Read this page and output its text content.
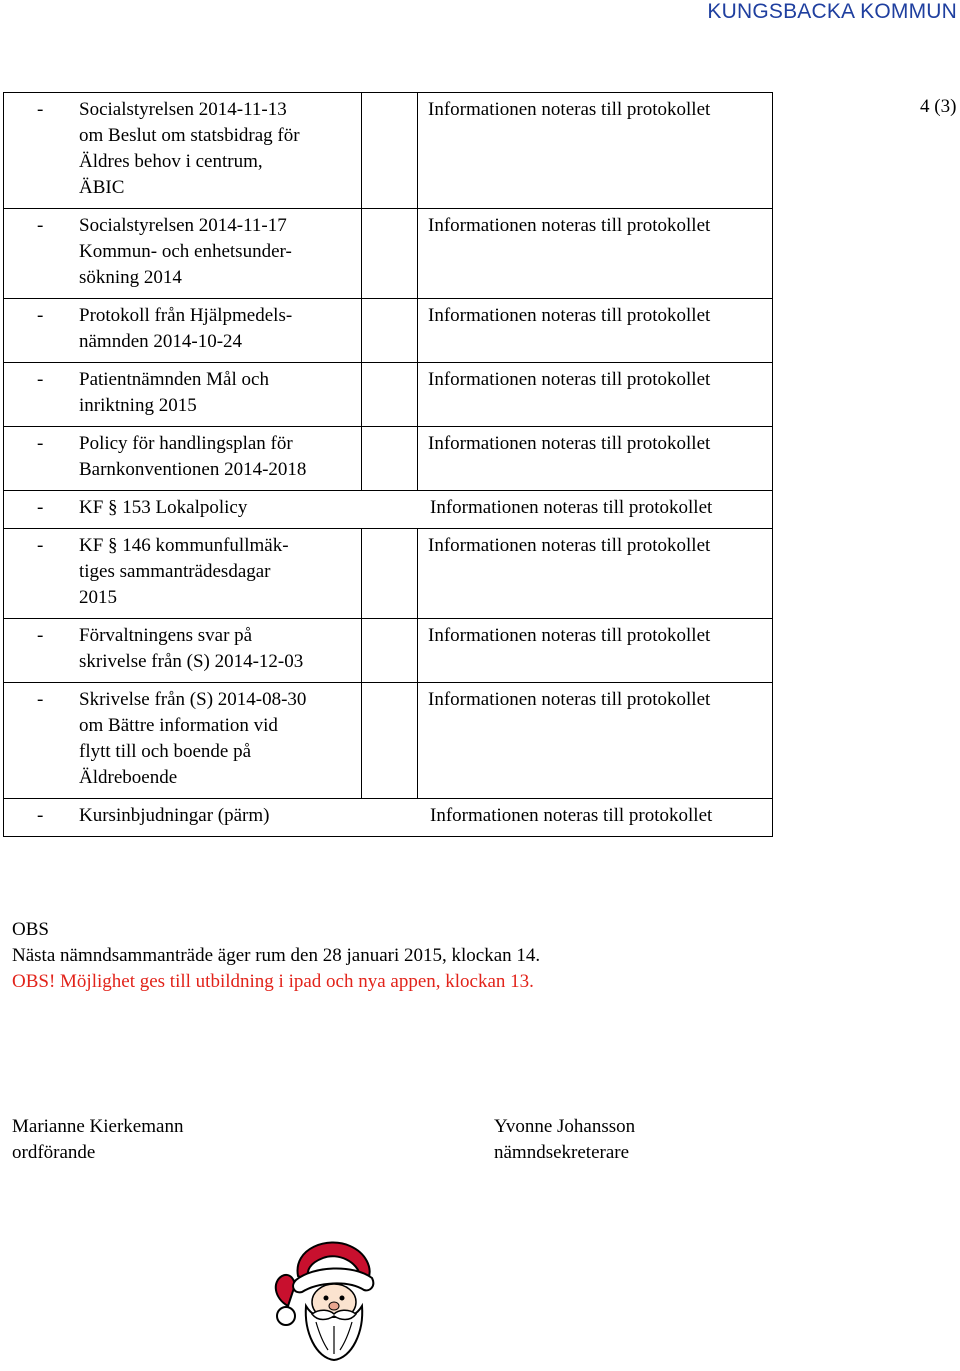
KUNGSBACKA KOMMUN
4 (3)
- Socialstyrelsen 2014-11-13
om Beslut om statsbidrag för
Äldres behov i centrum,
ÄBIC		Informationen noteras till protokollet

- Socialstyrelsen 2014-11-17
Kommun- och enhetsunder-
sökning 2014		Informationen noteras till protokollet

- Protokoll från Hjälpmedels-
nämnden 2014-10-24		Informationen noteras till protokollet

- Patientnämnden Mål och
inriktning 2015		Informationen noteras till protokollet

- Policy för handlingsplan för
Barnkonventionen 2014-2018		Informationen noteras till protokollet

- KF § 153 Lokalpolicy Informationen noteras till protokollet		

- KF § 146 kommunfullmäk-
tiges sammanträdesdagar
2015		Informationen noteras till protokollet

- Förvaltningens svar på
skrivelse från (S) 2014-12-03		Informationen noteras till protokollet

- Skrivelse från (S) 2014-08-30
om Bättre information vid
flytt till och boende på
Äldreboende		Informationen noteras till protokollet

- Kursinbjudningar (pärm) Informationen noteras till protokollet		
OBS
Nästa nämndsammanträde äger rum den 28 januari 2015, klockan 14.
OBS! Möjlighet ges till utbildning i ipad och nya appen, klockan 13.
Marianne Kierkemann
ordförande
Yvonne Johansson
nämndsekreterare
